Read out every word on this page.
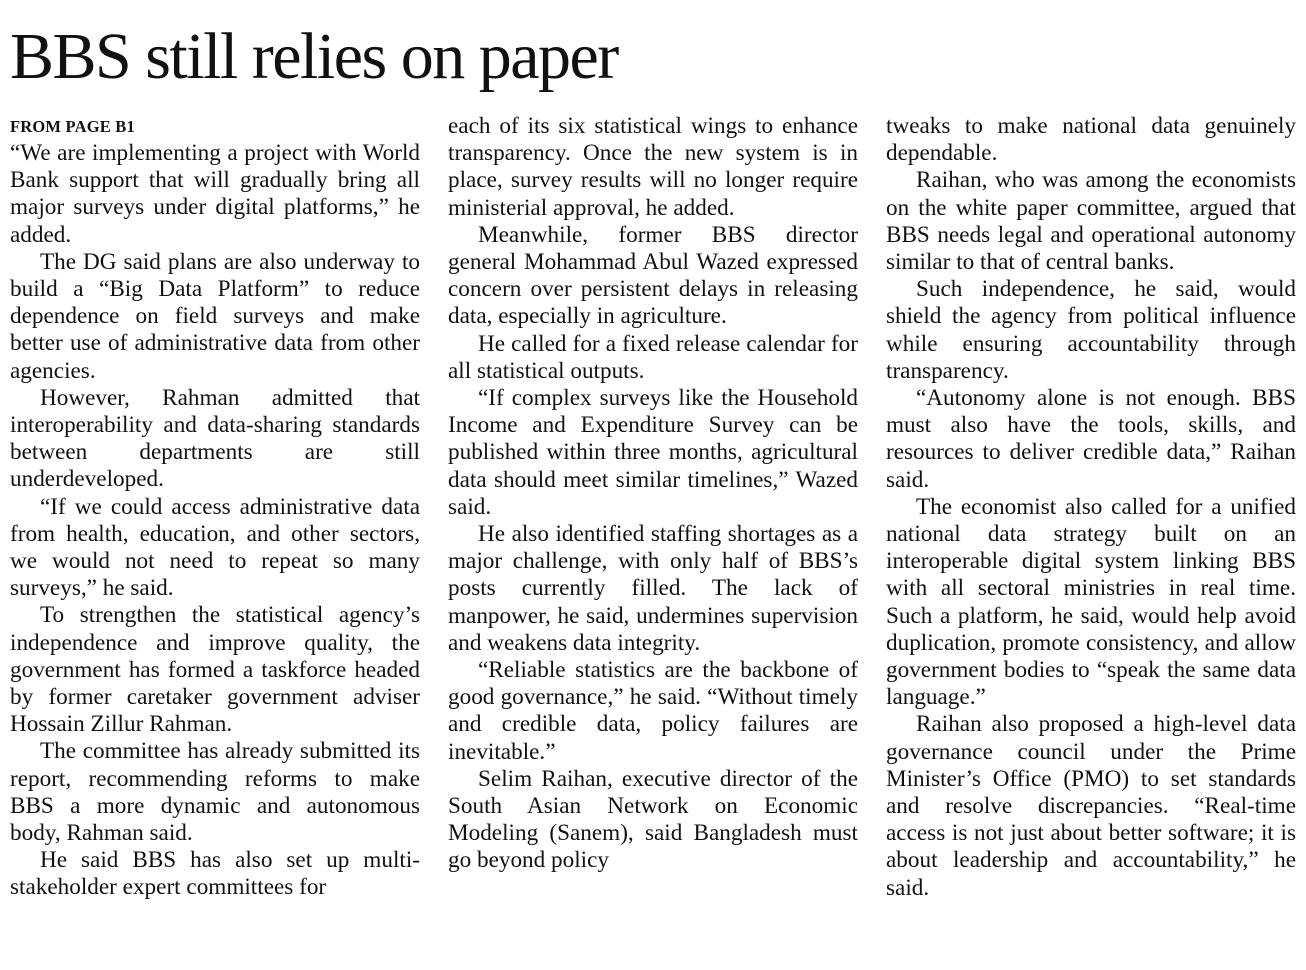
BBS still relies on paper
FROM PAGE B1

“We are implementing a project with World Bank support that will gradually bring all major surveys under digital platforms,” he added.

The DG said plans are also underway to build a “Big Data Platform” to reduce dependence on field surveys and make better use of administrative data from other agencies.

However, Rahman admitted that interoperability and data-sharing standards between departments are still underdeveloped.

“If we could access administrative data from health, education, and other sectors, we would not need to repeat so many surveys,” he said.

To strengthen the statistical agency’s independence and improve quality, the government has formed a taskforce headed by former caretaker government adviser Hossain Zillur Rahman.

The committee has already submitted its report, recommending reforms to make BBS a more dynamic and autonomous body, Rahman said.

He said BBS has also set up multi-stakeholder expert committees for

each of its six statistical wings to enhance transparency. Once the new system is in place, survey results will no longer require ministerial approval, he added.

Meanwhile, former BBS director general Mohammad Abul Wazed expressed concern over persistent delays in releasing data, especially in agriculture.

He called for a fixed release calendar for all statistical outputs.

“If complex surveys like the Household Income and Expenditure Survey can be published within three months, agricultural data should meet similar timelines,” Wazed said.

He also identified staffing shortages as a major challenge, with only half of BBS’s posts currently filled. The lack of manpower, he said, undermines supervision and weakens data integrity.

“Reliable statistics are the backbone of good governance,” he said. “Without timely and credible data, policy failures are inevitable.”

Selim Raihan, executive director of the South Asian Network on Economic Modeling (Sanem), said Bangladesh must go beyond policy

tweaks to make national data genuinely dependable.

Raihan, who was among the economists on the white paper committee, argued that BBS needs legal and operational autonomy similar to that of central banks.

Such independence, he said, would shield the agency from political influence while ensuring accountability through transparency.

“Autonomy alone is not enough. BBS must also have the tools, skills, and resources to deliver credible data,” Raihan said.

The economist also called for a unified national data strategy built on an interoperable digital system linking BBS with all sectoral ministries in real time. Such a platform, he said, would help avoid duplication, promote consistency, and allow government bodies to “speak the same data language.”

Raihan also proposed a high-level data governance council under the Prime Minister’s Office (PMO) to set standards and resolve discrepancies. “Real-time access is not just about better software; it is about leadership and accountability,” he said.
